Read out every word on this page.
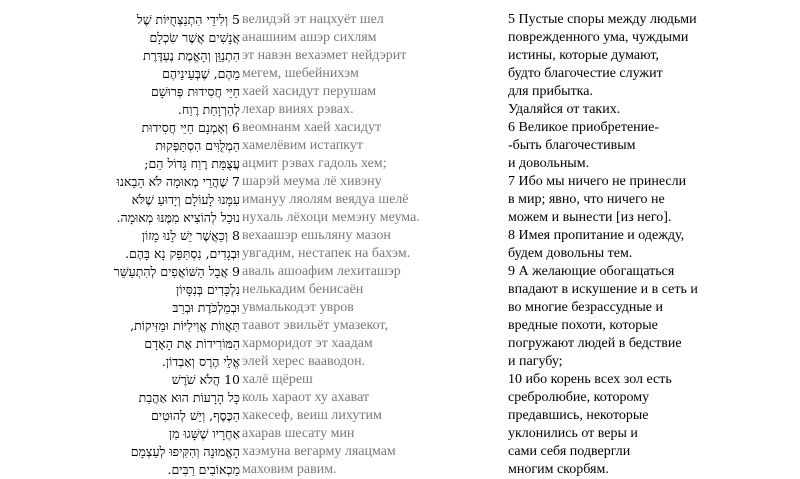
5 וְלִידֵי הִתְנַצְּחֻיּוֹת שֶׁל
אֲנָשִׁים אֲשֶׁר שִׂכְלָם
הִתְנַוֵּן וְהָאֱמֶת נֶעְדֶּרֶת
מֵהֶם, שֶׁבְּעֵינֵיהֶם
חַיֵּי חֲסִידוּת פְּרוּשָׁם
לְהַרְוָחַת רֶוַח.
6 וְאָמְנָם חַיֵּי חֲסִידוּת
הַמְלֻוִּים הִסְתַּפְּקוּת
עֲצֻמַּת רֶוַח גָּדוֹל הֵם;
7 שֶׁהֲרֵי מְאוּמָה לֹא הֵבֵאנוּ
עִמָּנוּ לָעוֹלָם וְיָדוּעַ שֶׁלֹּא
נוּכַל לְהוֹצִיא מִמֶּנּוּ מְאוּמָה.
8 וְכַאֲשֶׁר יֵשׁ לָנוּ מָזוֹן
וּבְגָדִים, נִסְתַּפֵּק נָא בָּהֶם.
9 אֲבָל הַשּׁוֹאֲפִים לְהִתְעַשֵּׁר
נִלְכָּדִים בְּנִסָּיוֹן
וּבְמַלְכֹּדֶת וּבְרַבּ
תַּאֲווֹת אֱוִילִיּוֹת וּמַזִּיקוֹת,
הַמּוֹרִידוֹת אֶת הָאָדָם
אֱלֵי הֶרֶס וְאַבְדוֹן.
10 הֲלֹא שֹׁרֶשׁ
כָּל הָרָעוֹת הוּא אַהֲבַת
הַכֶּסֶף, וְיֵשׁ לְהוּטִים
אַחֲרָיו שֶׁשָּׁגוּ מִן
הָאֱמוּנָה וְהִקִּיפוּ לְעַצְמָם
מַכְאוֹבִים רַבִּים.
велидэй эт нацхуёт шел
анашиим ашэр сихлям
эт навэн вехаэмет нейдэрит
мегем, шебейнихэм
хаей хасидут перушам
лехар вииях рэвах.
веомнанм хаей хасидут
хамелёвим истапкут
ацмит рэвах гадоль хем;
шарэй меума лё хивэну
имануу ляолям веядуа шелё
нухаль лёхоци мемэну меума.
вехаашэр ешьляну мазон
увгадим, нестапек на бахэм.
аваль ашоафим лехиташэр
нелькадим бенисаён
увмалькодэт увров
таавот эвильёт умазекот,
харморидот эт хаадам
элей херес вааводон.
халё щёреш
коль хараот ху ахават
хакесеф, веиш лихутим
ахарав шесату мин
хаэмуна вегарму ляацмам
маховим равим.
5 Пустые споры между людьми
поврежденного ума, чуждыми
истины, которые думают,
будто благочестие служит
для прибытка.
Удаляйся от таких.
6 Великое приобретение-
-быть благочестивым
и довольным.
7 Ибо мы ничего не принесли
в мир; явно, что ничего не
можем и вынести [из него].
8 Имея пропитание и одежду,
будем довольны тем.
9 А желающие обогащаться
впадают в искушение и в сеть и
во многие безрассудные и
вредные похоти, которые
погружают людей в бедствие
и пагубу;
10 ибо корень всех зол есть
сребролюбие, которому
предавшись, некоторые
уклонились от веры и
сами себя подвергли
многим скорбям.
